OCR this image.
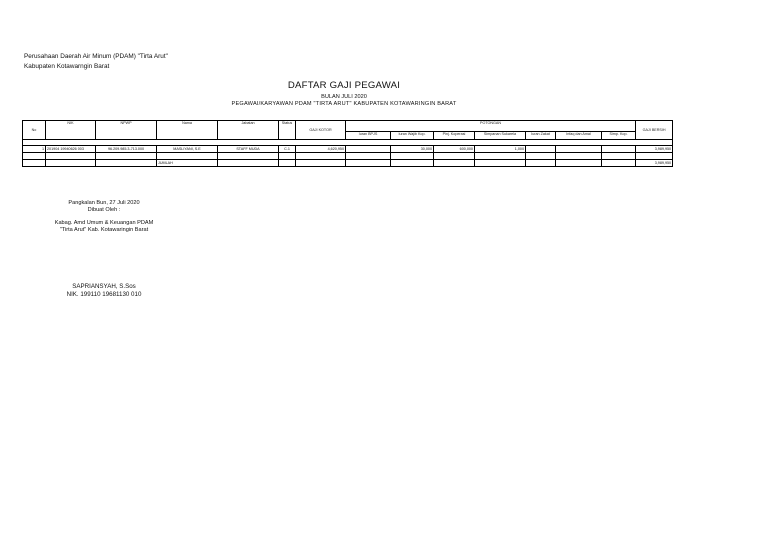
Perusahaan Daerah Air Minum (PDAM) "Tirta Arut"
Kabupaten Kotawarngin Barat
DAFTAR GAJI PEGAWAI
BULAN JULI 2020
PEGAWAI/KARYAWAN PDAM "TIRTA ARUT" KABUPATEN KOTAWARINGIN BARAT
No	NIK	NPWP	Nama	Jabatan	Status	GAJI KOTOR	POTONGAN							GAJI BERSIH
							Iuran BPJS	Iuran Wajib Kop.	Pinj. Koperasi	Simpanan Sukarela	Iuran Zakat	Infaq dan Amal	Simp. Kop.	

1	201904 19940626 003	96.209.985.3-713.000	MASLIYANI, S.E	STAFF MUDA	C.1	4,620,950		30,000	600,000	1,000				3,989,950

			JUMLAH											3,989,950
Pangkalan Bun, 27 Juli 2020
Dibuat Oleh :
Kabag. Amd Umum & Keuangan PDAM
"Tirta Arut" Kab. Kotawaringin Barat
SAPRIANSYAH, S.Sos
NIK. 199110 19681130 010
